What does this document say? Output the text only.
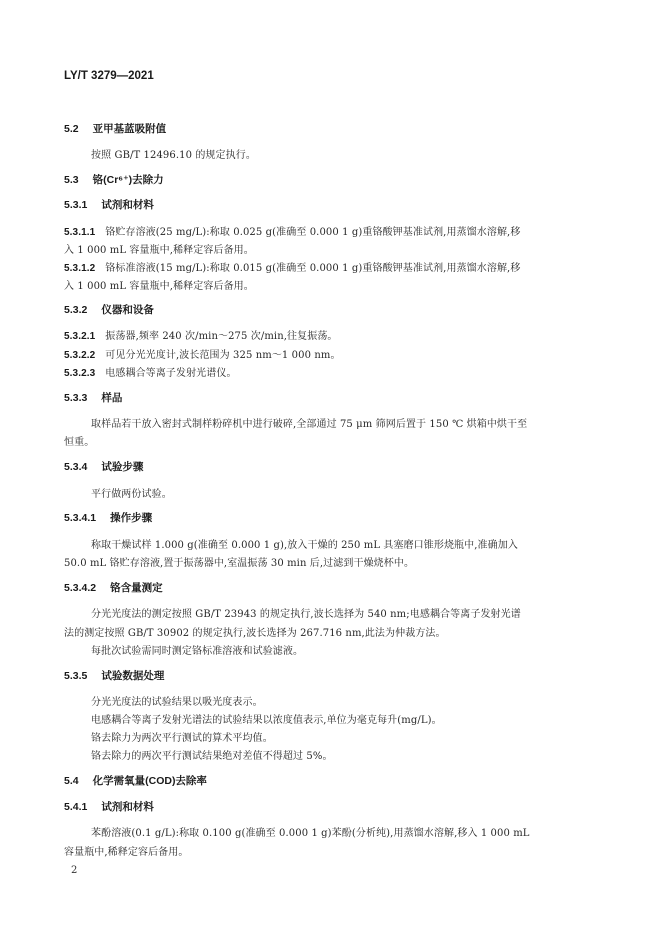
LY/T 3279—2021
5.2 亚甲基蓝吸附值
按照 GB/T 12496.10 的规定执行。
5.3 铬(Cr⁶⁺)去除力
5.3.1 试剂和材料
5.3.1.1 铬贮存溶液(25 mg/L):称取 0.025 g(准确至 0.000 1 g)重铬酸钾基准试剂,用蒸馏水溶解,移
入 1 000 mL 容量瓶中,稀释定容后备用。
5.3.1.2 铬标准溶液(15 mg/L):称取 0.015 g(准确至 0.000 1 g)重铬酸钾基准试剂,用蒸馏水溶解,移
入 1 000 mL 容量瓶中,稀释定容后备用。
5.3.2 仪器和设备
5.3.2.1 振荡器,频率 240 次/min～275 次/min,往复振荡。
5.3.2.2 可见分光光度计,波长范围为 325 nm～1 000 nm。
5.3.2.3 电感耦合等离子发射光谱仪。
5.3.3 样品
取样品若干放入密封式制样粉碎机中进行破碎,全部通过 75 μm 筛网后置于 150 ℃ 烘箱中烘干至
恒重。
5.3.4 试验步骤
平行做两份试验。
5.3.4.1 操作步骤
称取干燥试样 1.000 g(准确至 0.000 1 g),放入干燥的 250 mL 具塞磨口锥形烧瓶中,准确加入
50.0 mL 铬贮存溶液,置于振荡器中,室温振荡 30 min 后,过滤到干燥烧杯中。
5.3.4.2 铬含量测定
分光光度法的测定按照 GB/T 23943 的规定执行,波长选择为 540 nm;电感耦合等离子发射光谱
法的测定按照 GB/T 30902 的规定执行,波长选择为 267.716 nm,此法为仲裁方法。
每批次试验需同时测定铬标准溶液和试验滤液。
5.3.5 试验数据处理
分光光度法的试验结果以吸光度表示。
电感耦合等离子发射光谱法的试验结果以浓度值表示,单位为毫克每升(mg/L)。
铬去除力为两次平行测试的算术平均值。
铬去除力的两次平行测试结果绝对差值不得超过 5%。
5.4 化学需氧量(COD)去除率
5.4.1 试剂和材料
苯酚溶液(0.1 g/L):称取 0.100 g(准确至 0.000 1 g)苯酚(分析纯),用蒸馏水溶解,移入 1 000 mL
容量瓶中,稀释定容后备用。
2
